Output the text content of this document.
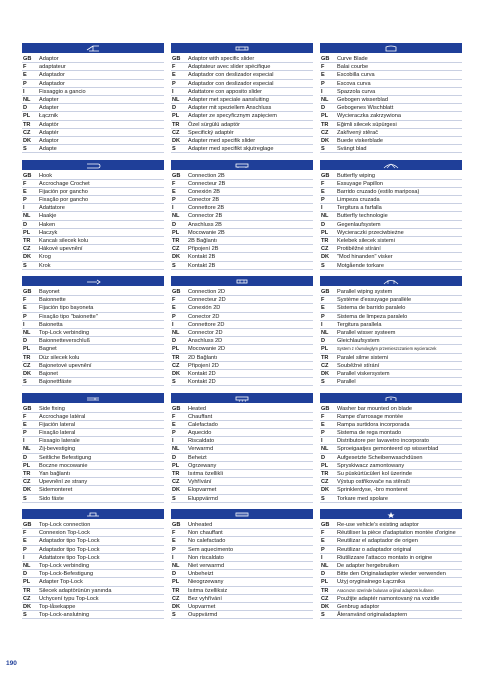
GB	Adaptor
F	adaptateur
E	Adaptador
P	Adaptador
I	Fissaggio a gancio
NL	Adapter
D	Adapter
PL	Łącznik
TR	Adaptör
CZ	Adaptér
DK	Adaptor
S	Adapte
GB	Adaptor with specific slider
F	Adaptateur avec slider spécifique
E	Adaptador con deslizador especial
P	Adaptador con deslizador especial
I	Adattatore con apposito slider
NL	Adapter met speciale aansluiting
D	Adapter mit speziellem Anschluss
PL	Adapter ze specyficznym zapięciem
TR	Özel sürgülü adaptör
CZ	Specifický adaptér
DK	Adapter med specifik slider
S	Adapter med specifikt skjutreglage
GB	Curve Blade
F	Balai courbe
E	Escobilla curva
P	Escova curva
I	Spazzola curva
NL	Gebogen wisserblad
D	Gebogenes Wischblatt
PL	Wycieraczka zakrzywiona
TR	Eğimli silecek süpürgesi
CZ	Zakřivený stěrač
DK	Buede viskerblade
S	Svängt blad
GB	Hook
F	Accrochage Crochet
E	Fijación por gancho
P	Fixação por gancho
I	Adattatore
NL	Haakje
D	Haken
PL	Haczyk
TR	Kancalı silecek kolu
CZ	Hákové upevnění
DK	Krog
S	Krok
GB	Connection 2B
F	Connecteur 2B
E	Conexión 2B
P	Conector 2B
I	Connettore 2B
NL	Connector 2B
D	Anschluss 2B
PL	Mocowanie 2B
TR	2B Bağlantı
CZ	Připojení 2B
DK	Kontakt 2B
S	Kontakt 2B
GB	Butterfly wiping
F	Essuyage Papillon
E	Barrido cruzado (estilo mariposa)
P	Limpeza cruzada
I	Tergitura a farfalla
NL	Butterfly technologie
D	Gegenlaufsystem
PL	Wycieraczki przeciwbieżne
TR	Kelebek silecek sistemi
CZ	Protiběžné stírání
DK	"Mod hinanden" visker
S	Motgående torkare
GB	Bayonet
F	Baionnette
E	Fijación tipo bayoneta
P	Fixação tipo "baionette"
I	Baionetta
NL	Top-Lock verbinding
D	Baionnetteverschluß
PL	Bagnet
TR	Düz silecek kolu
CZ	Bajonetové upevnění
DK	Bajonet
S	Bajonettfäste
GB	Connection 2D
F	Connecteur 2D
E	Conexión 2D
P	Conector 2D
I	Connettore 2D
NL	Connector 2D
D	Anschluss 2D
PL	Mocowanie 2D
TR	2D Bağlantı
CZ	Připojení 2D
DK	Kontakt 2D
S	Kontakt 2D
GB	Parallel wiping system
F	Système d'essuyage parallèle
E	Sistema de barrido paralelo
P	Sistema de limpeza paralelo
I	Tergitura parallela
NL	Parallel wisser systeem
D	Gleichlaufsystem
PL	System z równoległym przemieszczaniem wycieraczek
TR	Paralel silme sistemi
CZ	Souběžné stírání
DK	Parallel viskersystem
S	Parallel
GB	Side fixing
F	Accrochage latéral
E	Fijación lateral
P	Fixação lateral
I	Fissagio laterale
NL	Zij-bevestiging
D	Seitliche Befestigung
PL	Boczne mocowanie
TR	Yan bağlantı
CZ	Upevnění ze strany
DK	Sidemonteret
S	Sido fäste
GB	Heated
F	Chauffant
E	Calefactado
P	Aquecido
I	Riscaldato
NL	Verwarmd
D	Beheizt
PL	Ogrzewany
TR	Isıtma özellikli
CZ	Vyhřívání
DK	Elopvarmet
S	Eluppvärmd
GB	Washer bar mounted on blade
F	Rampe d'arrosage montée
E	Rampa surtidora incorporada
P	Sistema de rega montado
I	Distributore per lavavetro incorporato
NL	Sproeigaatjes gemonteerd op wisserblad
D	Aufgesetzte Scheibenwaschdüsen
PL	Spryskiwacz zamontowany
TR	Su püskürtücüleri kol üzerinde
CZ	Výstup ostřikovače na stěrači
DK	Sprinklerdyse, -bro monteret
S	Torkare med spolare
GB	Top-Lock connection
F	Connexion Top-Lock
E	Adaptador tipo Top-Lock
P	Adaptador tipo Top-Lock
I	Adattatore tipo Top-Lock
NL	Top-Lock verbinding
D	Top-Lock-Befestigung
PL	Adapter Top-Lock
TR	Silecek adaptörünün yanında
CZ	Uchycení typu Top-Lock
DK	Top-låsekappe
S	Top-Lock-anslutning
GB	Unheated
F	Non chauffant
E	No calefactado
P	Sem aquecimento
I	Non riscaldato
NL	Niet verwarmd
D	Unbeheizt
PL	Nieogrzewany
TR	Isıtma özelliksiz
CZ	Bez vyhřívání
DK	Uopvarmet
S	Ouppvärmd
GB	Re-use vehicle's existing adaptor
F	Réutiliser la pièce d'adaptation montée d'origine
E	Reutilizar el adaptador de origen
P	Reutilizar o adaptador original
I	Riutilizzare l'attacco montato in origine
NL	De adapter hergebruiken
D	Bitte den Originaladapter wieder verwenden
PL	Użyj oryginalnego Łącznika
TR	Aracınızın üzerinde bulunan orijinal adaptörü kullanın
CZ	Použijte adaptér namontovaný na vozidle
DK	Genbrug adaptor
S	Återanvänd originaladaptern
190
